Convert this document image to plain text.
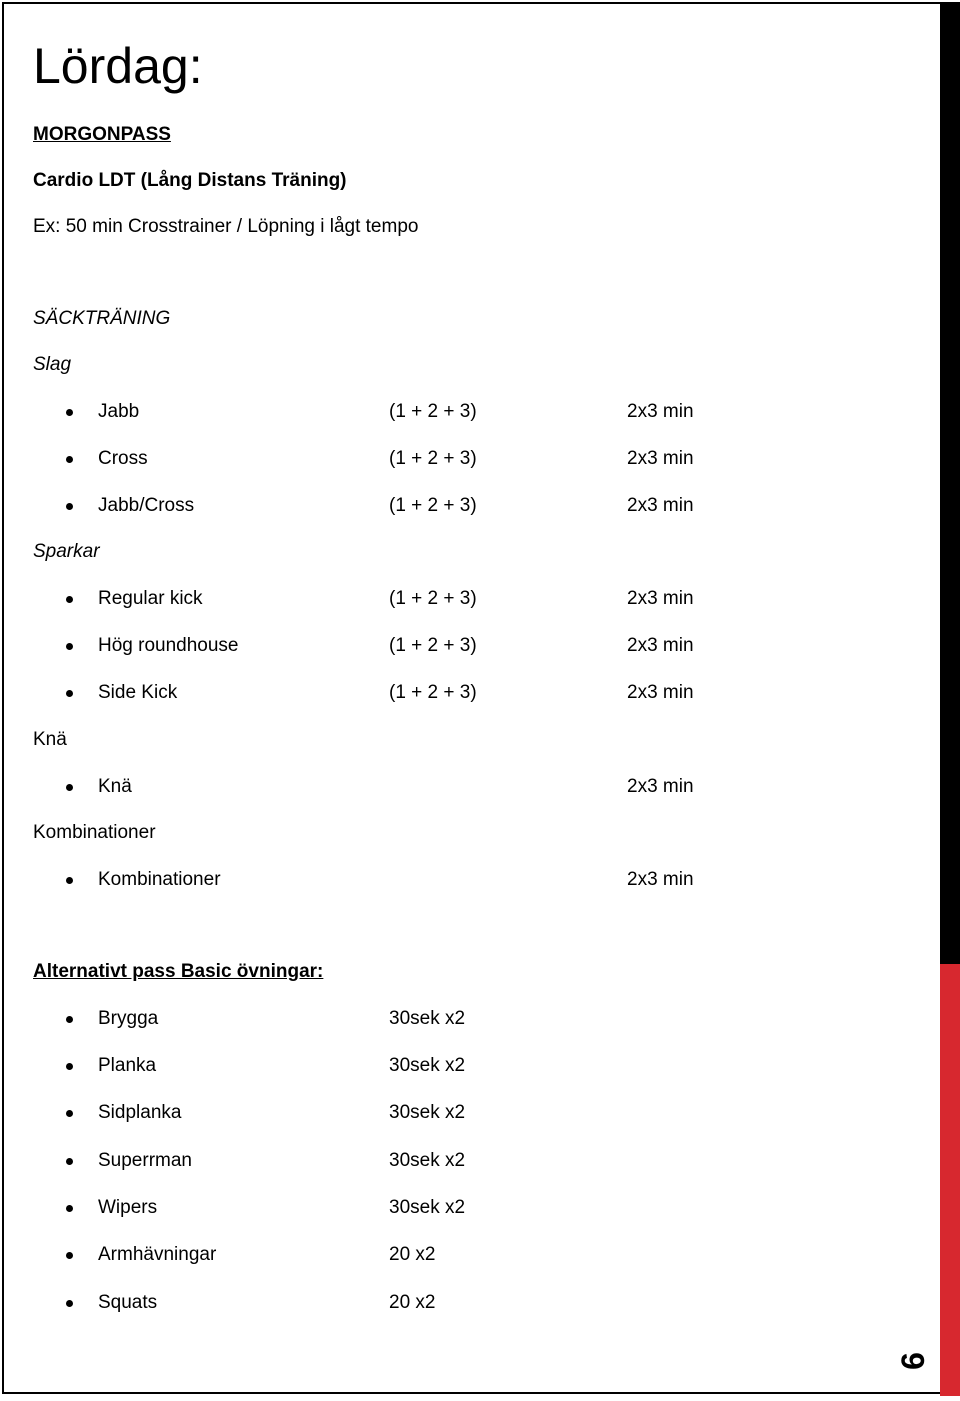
6
Lördag:
MORGONPASS
Cardio LDT (Lång Distans Träning)
Ex: 50 min Crosstrainer / Löpning i lågt tempo
SÄCKTRÄNING
Slag
Jabb	(1 + 2 + 3)	2x3 min
Cross	(1 + 2 + 3)	2x3 min
Jabb/Cross	(1 + 2 + 3)	2x3 min
Sparkar
Regular kick	(1 + 2 + 3)	2x3 min
Hög roundhouse	(1 + 2 + 3)	2x3 min
Side Kick	(1 + 2 + 3)	2x3 min
Knä
Knä	2x3 min
Kombinationer
Kombinationer	2x3 min
Alternativt pass Basic övningar:
Brygga	30sek x2
Planka	30sek x2
Sidplanka	30sek x2
Superrman	30sek x2
Wipers	30sek x2
Armhävningar	20 x2
Squats	20 x2
